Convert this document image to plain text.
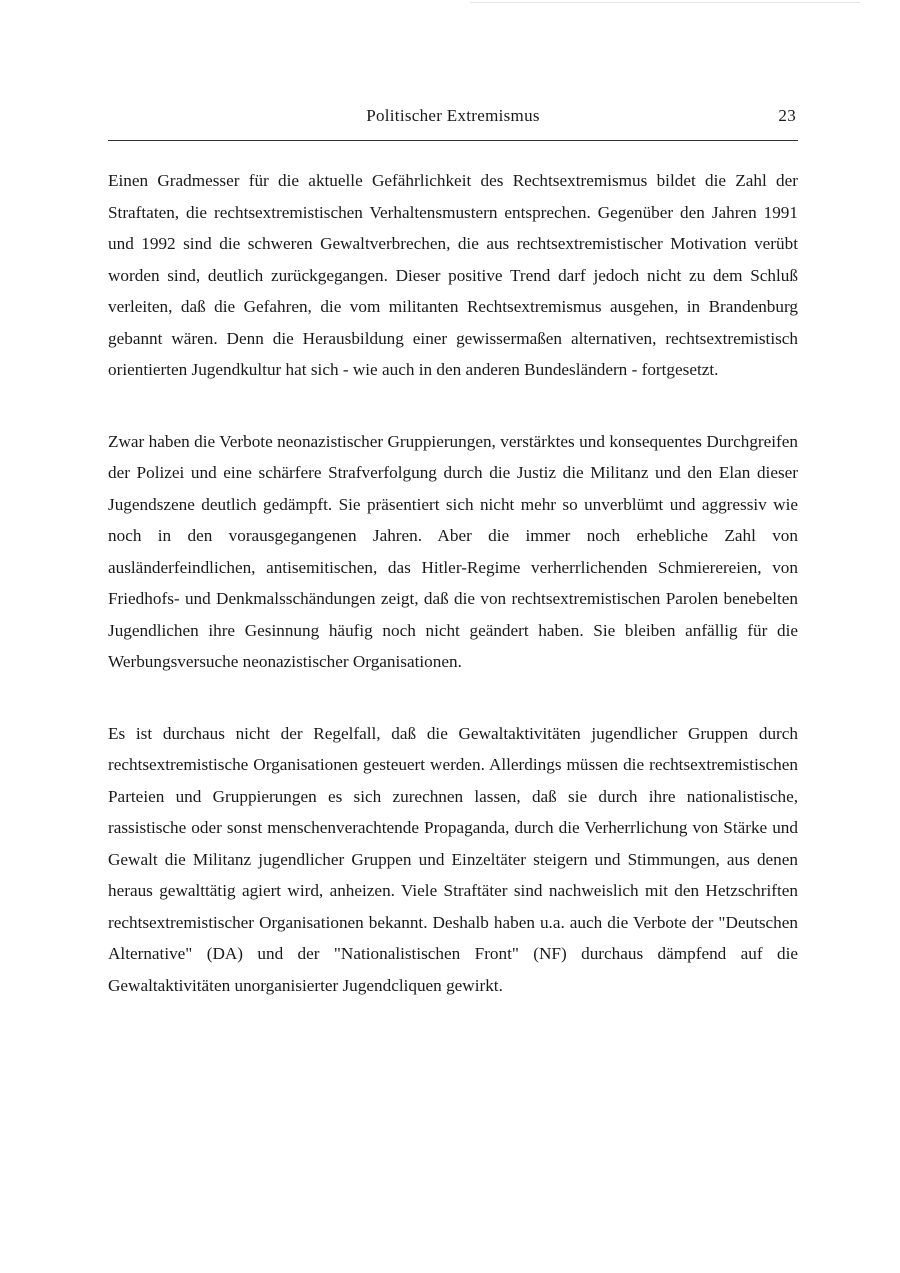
Politischer Extremismus	23

Einen Gradmesser für die aktuelle Gefährlichkeit des Rechtsextremismus bildet die Zahl der Straftaten, die rechtsextremistischen Verhaltensmustern entsprechen. Gegenüber den Jahren 1991 und 1992 sind die schweren Gewaltverbrechen, die aus rechtsextremistischer Motivation verübt worden sind, deutlich zurückgegangen. Dieser positive Trend darf jedoch nicht zu dem Schluß verleiten, daß die Gefahren, die vom militanten Rechtsextremismus ausgehen, in Brandenburg gebannt wären. Denn die Herausbildung einer gewissermaßen alternativen, rechtsextremistisch orientierten Jugendkultur hat sich - wie auch in den anderen Bundesländern - fortgesetzt.

Zwar haben die Verbote neonazistischer Gruppierungen, verstärktes und konsequentes Durchgreifen der Polizei und eine schärfere Strafverfolgung durch die Justiz die Militanz und den Elan dieser Jugendszene deutlich gedämpft. Sie präsentiert sich nicht mehr so unverblümt und aggressiv wie noch in den vorausgegangenen Jahren. Aber die immer noch erhebliche Zahl von ausländerfeindlichen, antisemitischen, das Hitler-Regime verherrlichenden Schmierereien, von Friedhofs- und Denkmalsschändungen zeigt, daß die von rechtsextremistischen Parolen benebelten Jugendlichen ihre Gesinnung häufig noch nicht geändert haben. Sie bleiben anfällig für die Werbungsversuche neonazistischer Organisationen.

Es ist durchaus nicht der Regelfall, daß die Gewaltaktivitäten jugendlicher Gruppen durch rechtsextremistische Organisationen gesteuert werden. Allerdings müssen die rechtsextremistischen Parteien und Gruppierungen es sich zurechnen lassen, daß sie durch ihre nationalistische, rassistische oder sonst menschenverachtende Propaganda, durch die Verherrlichung von Stärke und Gewalt die Militanz jugendlicher Gruppen und Einzeltäter steigern und Stimmungen, aus denen heraus gewalttätig agiert wird, anheizen. Viele Straftäter sind nachweislich mit den Hetzschriften rechtsextremistischer Organisationen bekannt. Deshalb haben u.a. auch die Verbote der "Deutschen Alternative" (DA) und der "Nationalistischen Front" (NF) durchaus dämpfend auf die Gewaltaktivitäten unorganisierter Jugendcliquen gewirkt.
